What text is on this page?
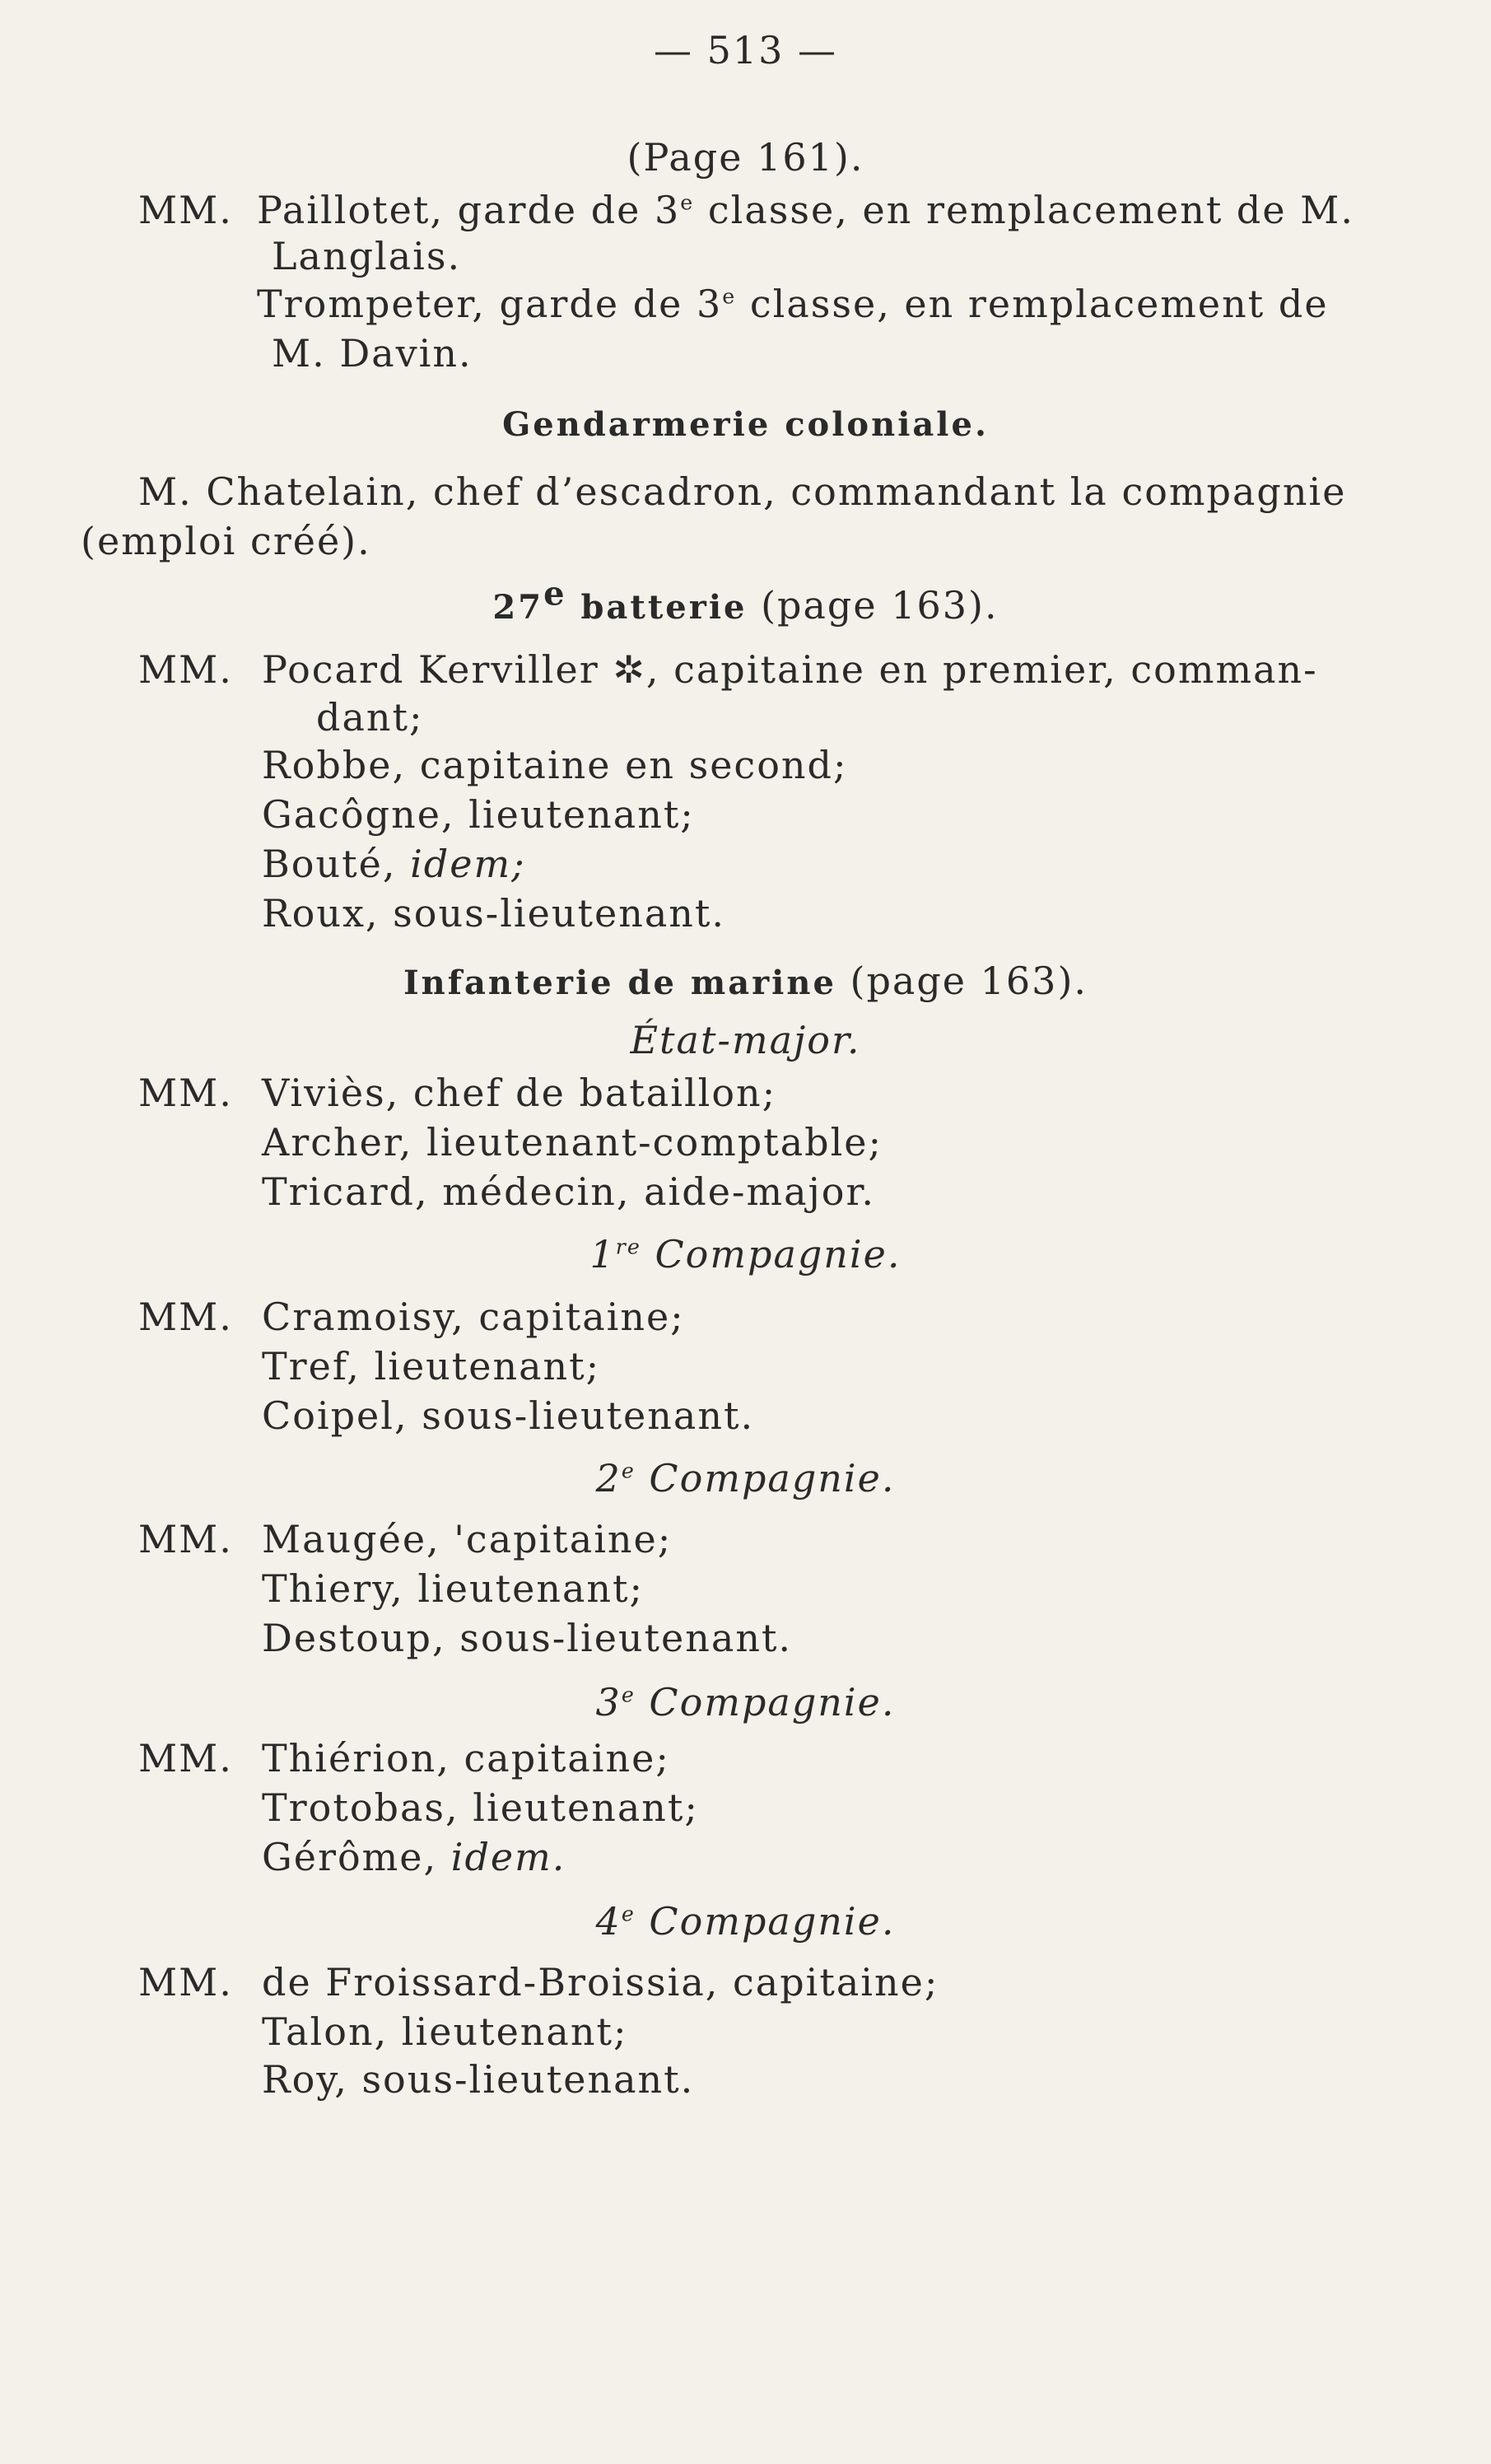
— 513 —
(Page 161).
MM. Paillotet, garde de 3e classe, en remplacement de M.
Langlais.
Trompeter, garde de 3e classe, en remplacement de
M. Davin.
Gendarmerie coloniale.
M. Chatelain, chef d’escadron, commandant la compagnie
(emploi créé).
27e batterie (page 163).
MM. Pocard Kerviller ✲, capitaine en premier, comman-
dant;
Robbe, capitaine en second;
Gacôgne, lieutenant;
Bouté, idem;
Roux, sous-lieutenant.
Infanterie de marine (page 163).
État-major.
MM. Viviès, chef de bataillon;
Archer, lieutenant-comptable;
Tricard, médecin, aide-major.
1re Compagnie.
MM. Cramoisy, capitaine;
Tref, lieutenant;
Coipel, sous-lieutenant.
2e Compagnie.
MM. Maugée, 'capitaine;
Thiery, lieutenant;
Destoup, sous-lieutenant.
3e Compagnie.
MM. Thiérion, capitaine;
Trotobas, lieutenant;
Gérôme, idem.
4e Compagnie.
MM. de Froissard-Broissia, capitaine;
Talon, lieutenant;
Roy, sous-lieutenant.
